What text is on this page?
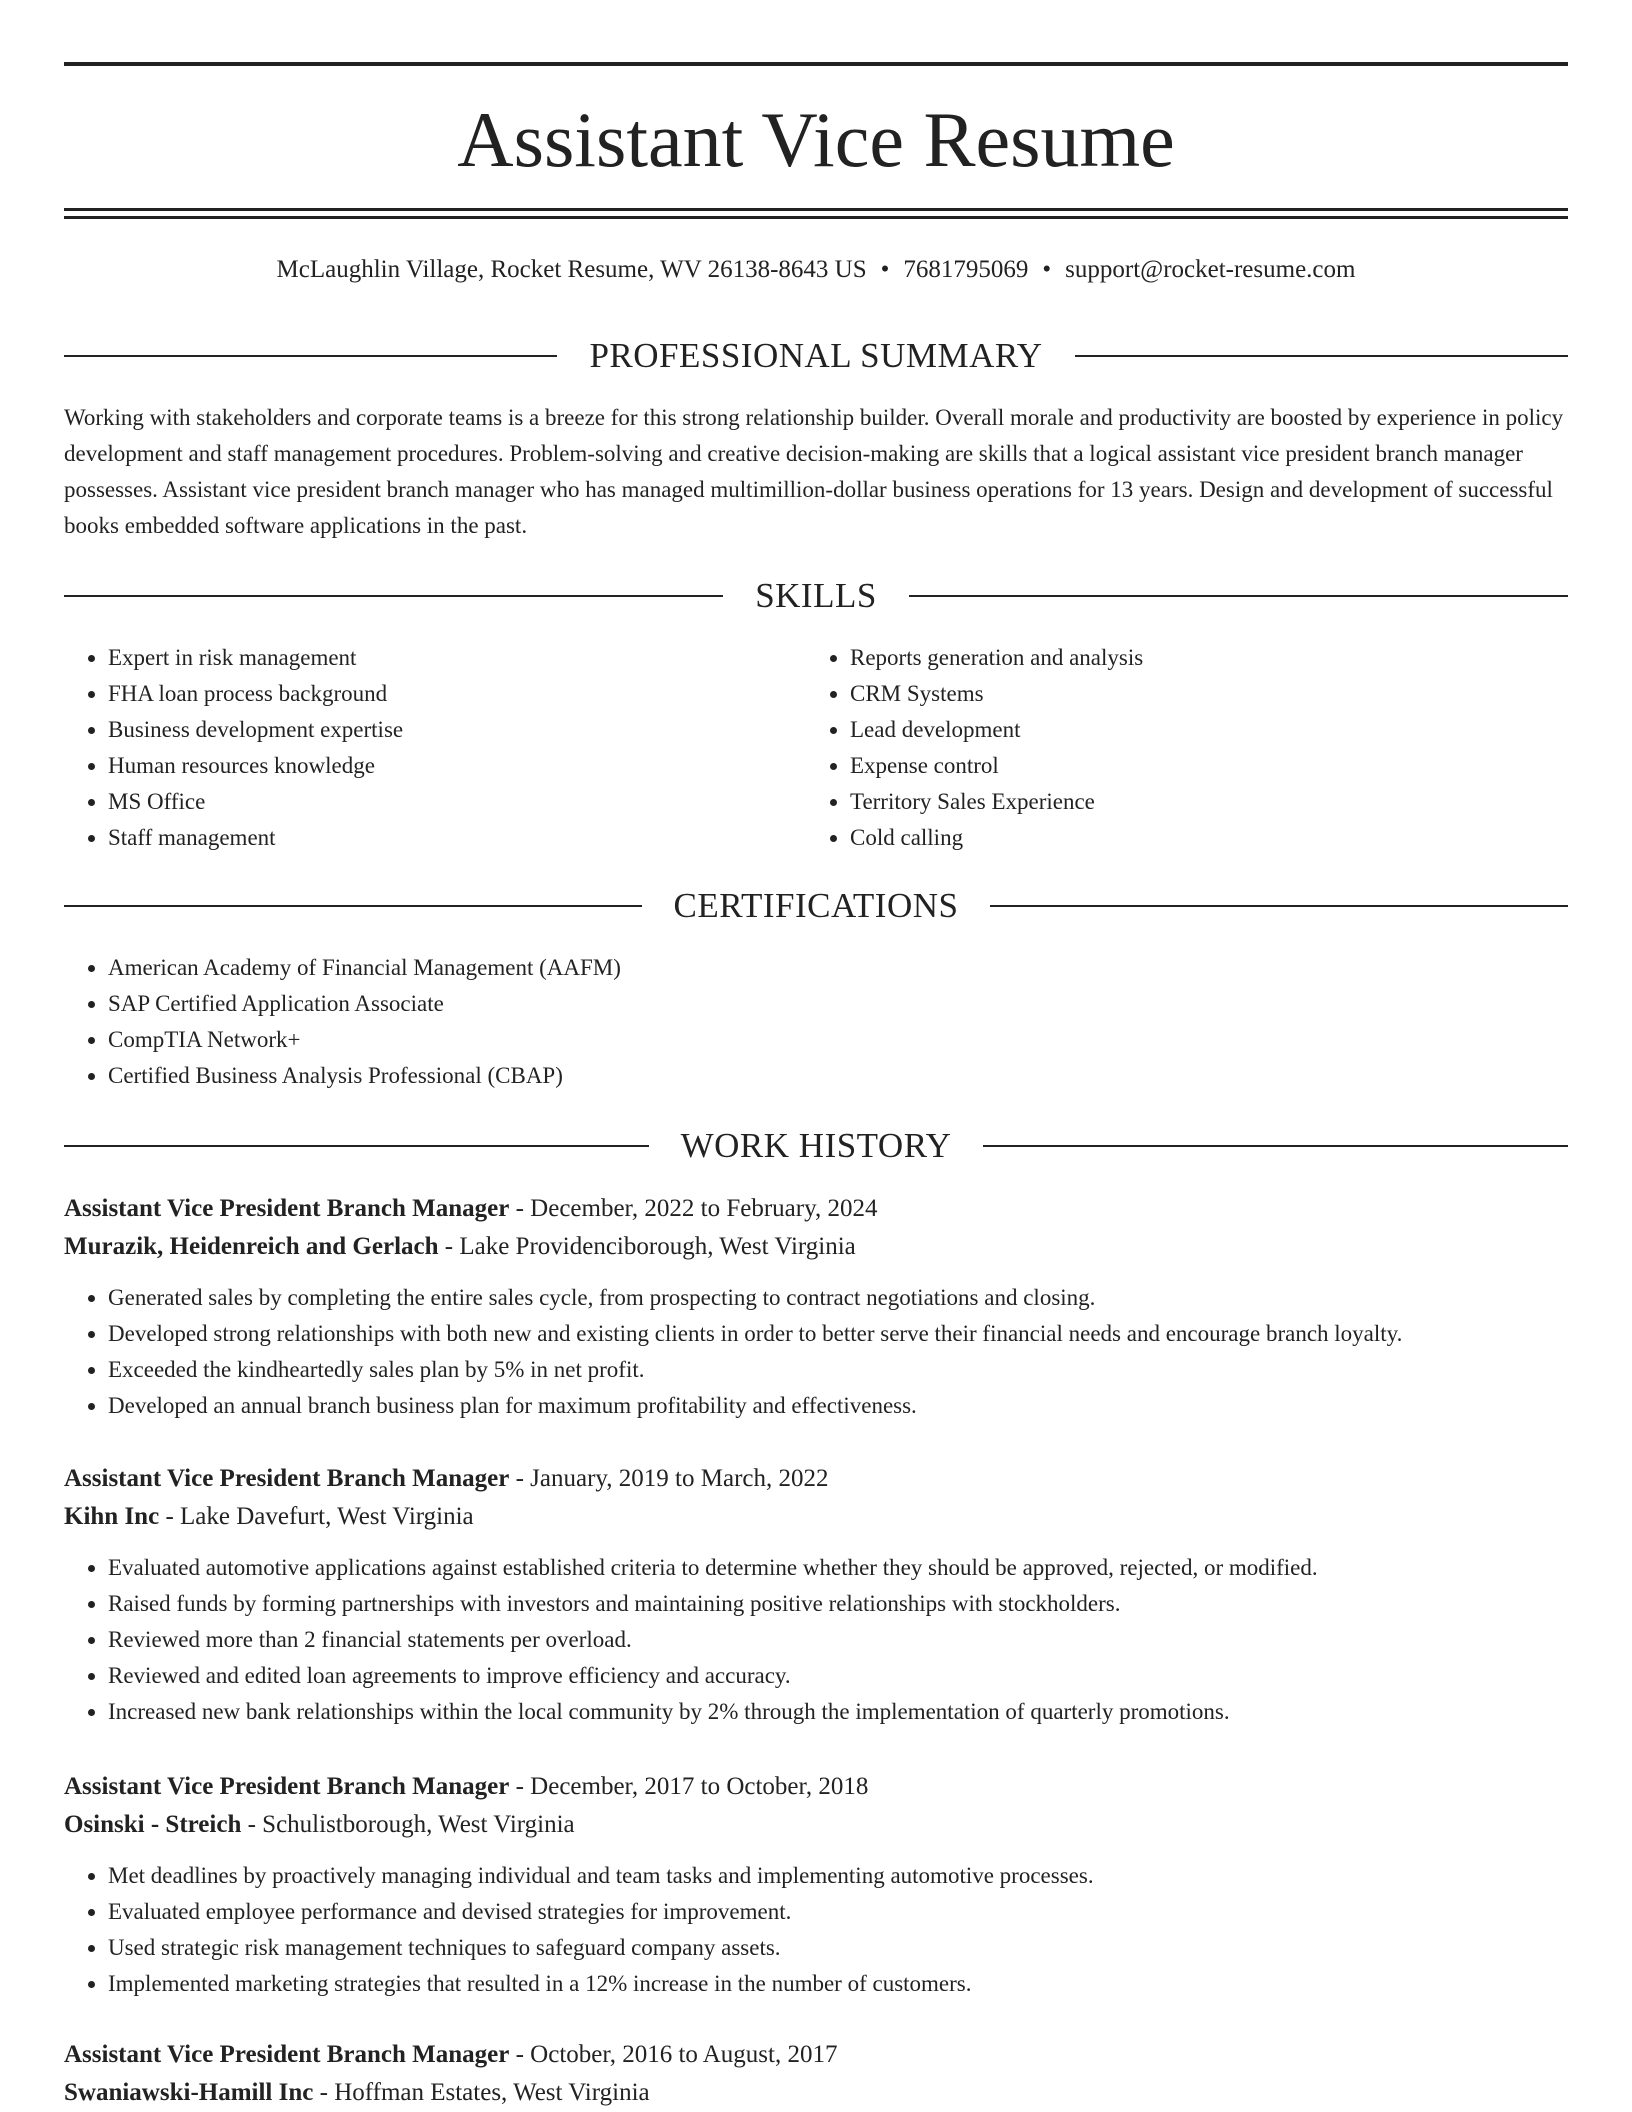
Assistant Vice Resume
McLaughlin Village, Rocket Resume, WV 26138-8643 US • 7681795069 • support@rocket-resume.com
PROFESSIONAL SUMMARY

Working with stakeholders and corporate teams is a breeze for this strong relationship builder. Overall morale and productivity are boosted by experience in policy development and staff management procedures. Problem-solving and creative decision-making are skills that a logical assistant vice president branch manager possesses. Assistant vice president branch manager who has managed multimillion-dollar business operations for 13 years. Design and development of successful books embedded software applications in the past.

SKILLS
• Expert in risk management
• FHA loan process background
• Business development expertise
• Human resources knowledge
• MS Office
• Staff management
• Reports generation and analysis
• CRM Systems
• Lead development
• Expense control
• Territory Sales Experience
• Cold calling
CERTIFICATIONS
• American Academy of Financial Management (AAFM)
• SAP Certified Application Associate
• CompTIA Network+
• Certified Business Analysis Professional (CBAP)
WORK HISTORY
Assistant Vice President Branch Manager - December, 2022 to February, 2024
Murazik, Heidenreich and Gerlach - Lake Providenciborough, West Virginia
• Generated sales by completing the entire sales cycle, from prospecting to contract negotiations and closing.
• Developed strong relationships with both new and existing clients in order to better serve their financial needs and encourage branch loyalty.
• Exceeded the kindheartedly sales plan by 5% in net profit.
• Developed an annual branch business plan for maximum profitability and effectiveness.
Assistant Vice President Branch Manager - January, 2019 to March, 2022
Kihn Inc - Lake Davefurt, West Virginia
• Evaluated automotive applications against established criteria to determine whether they should be approved, rejected, or modified.
• Raised funds by forming partnerships with investors and maintaining positive relationships with stockholders.
• Reviewed more than 2 financial statements per overload.
• Reviewed and edited loan agreements to improve efficiency and accuracy.
• Increased new bank relationships within the local community by 2% through the implementation of quarterly promotions.
Assistant Vice President Branch Manager - December, 2017 to October, 2018
Osinski - Streich - Schulistborough, West Virginia
• Met deadlines by proactively managing individual and team tasks and implementing automotive processes.
• Evaluated employee performance and devised strategies for improvement.
• Used strategic risk management techniques to safeguard company assets.
• Implemented marketing strategies that resulted in a 12% increase in the number of customers.
Assistant Vice President Branch Manager - October, 2016 to August, 2017
Swaniawski-Hamill Inc - Hoffman Estates, West Virginia
